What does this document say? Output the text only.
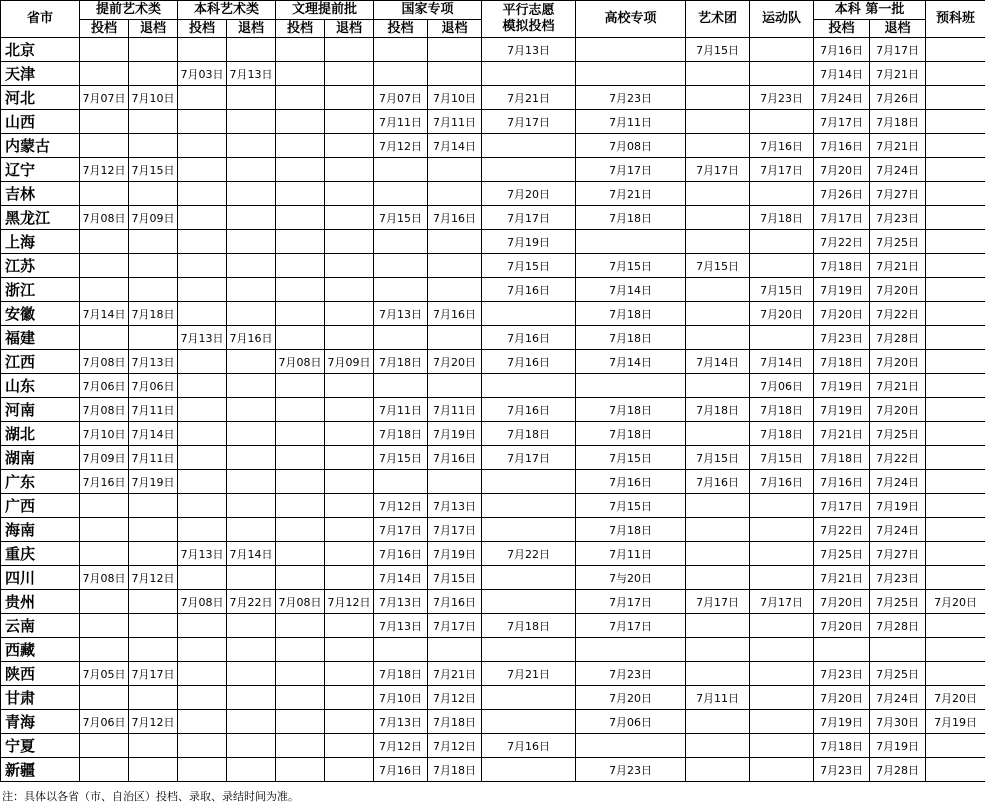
省市	提前艺术类		本科艺术类		文理提前批		国家专项		平行志愿
模拟投档	高校专项	艺术团	运动队	本科 第一批		预科班
	投档	退档	投档	退档	投档	退档	投档	退档					投档	退档	
北京									7月13日		7月15日		7月16日	7月17日	
天津			7月03日	7月13日									7月14日	7月21日	
河北	7月07日	7月10日					7月07日	7月10日	7月21日	7月23日		7月23日	7月24日	7月26日	
山西							7月11日	7月11日	7月17日	7月11日			7月17日	7月18日	
内蒙古							7月12日	7月14日		7月08日		7月16日	7月16日	7月21日	
辽宁	7月12日	7月15日								7月17日	7月17日	7月17日	7月20日	7月24日	
吉林									7月20日	7月21日			7月26日	7月27日	
黑龙江	7月08日	7月09日					7月15日	7月16日	7月17日	7月18日		7月18日	7月17日	7月23日	
上海									7月19日				7月22日	7月25日	
江苏									7月15日	7月15日	7月15日		7月18日	7月21日	
浙江									7月16日	7月14日		7月15日	7月19日	7月20日	
安徽	7月14日	7月18日					7月13日	7月16日		7月18日		7月20日	7月20日	7月22日	
福建			7月13日	7月16日					7月16日	7月18日			7月23日	7月28日	
江西	7月08日	7月13日			7月08日	7月09日	7月18日	7月20日	7月16日	7月14日	7月14日	7月14日	7月18日	7月20日	
山东	7月06日	7月06日										7月06日	7月19日	7月21日	
河南	7月08日	7月11日					7月11日	7月11日	7月16日	7月18日	7月18日	7月18日	7月19日	7月20日	
湖北	7月10日	7月14日					7月18日	7月19日	7月18日	7月18日		7月18日	7月21日	7月25日	
湖南	7月09日	7月11日					7月15日	7月16日	7月17日	7月15日	7月15日	7月15日	7月18日	7月22日	
广东	7月16日	7月19日								7月16日	7月16日	7月16日	7月16日	7月24日	
广西							7月12日	7月13日		7月15日			7月17日	7月19日	
海南							7月17日	7月17日		7月18日			7月22日	7月24日	
重庆			7月13日	7月14日			7月16日	7月19日	7月22日	7月11日			7月25日	7月27日	
四川	7月08日	7月12日					7月14日	7月15日		7与20日			7月21日	7月23日	
贵州			7月08日	7月22日	7月08日	7月12日	7月13日	7月16日		7月17日	7月17日	7月17日	7月20日	7月25日	7月20日
云南							7月13日	7月17日	7月18日	7月17日			7月20日	7月28日	
西藏															
陕西	7月05日	7月17日					7月18日	7月21日	7月21日	7月23日			7月23日	7月25日	
甘肃							7月10日	7月12日		7月20日	7月11日		7月20日	7月24日	7月20日
青海	7月06日	7月12日					7月13日	7月18日		7月06日			7月19日	7月30日	7月19日
宁夏							7月12日	7月12日	7月16日				7月18日	7月19日	
新疆							7月16日	7月18日		7月23日			7月23日	7月28日	
注：具体以各省（市、自治区）投档、录取、录结时间为准。
